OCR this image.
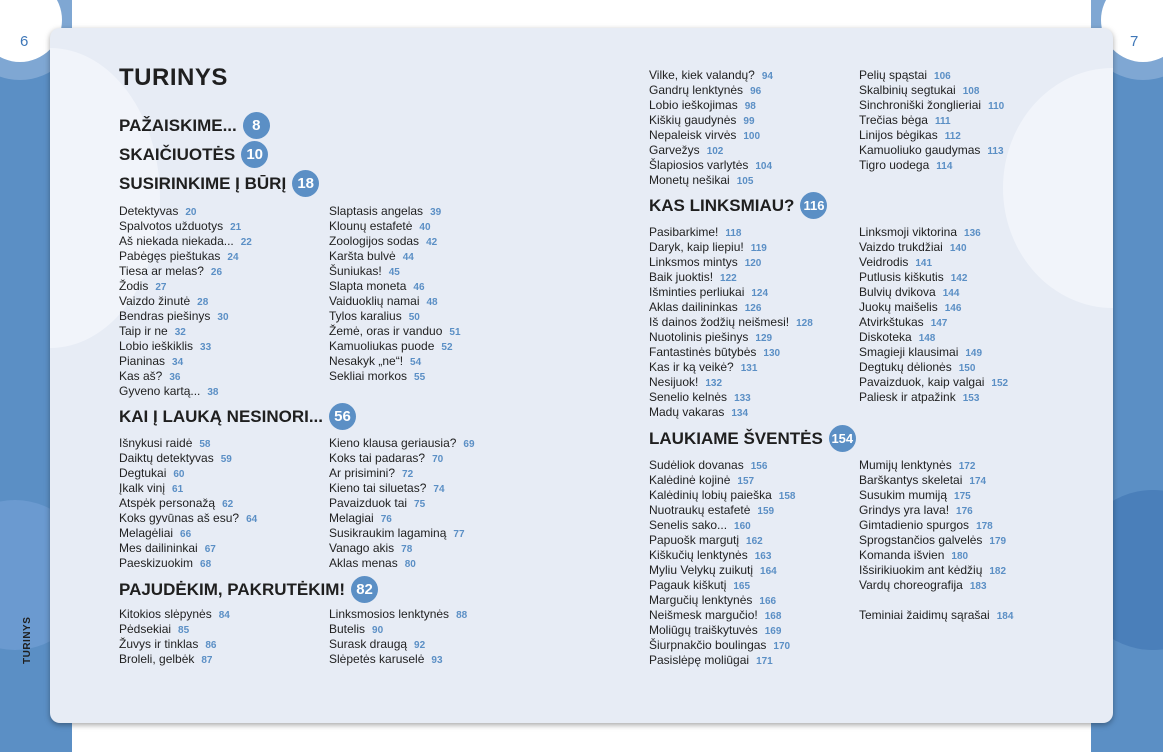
6	7
TURINYS
TURINYS
PAŽAISKIME...	8
SKAIČIUOTĖS 10
SUSIRINKIME Į BŪRĮ 18
Detektyvas 20
Spalvotos užduotys 21
Aš niekada niekada... 22
Pabėgęs pieštukas 24
Tiesa ar melas? 26
Žodis 27
Vaizdo žinutė 28
Bendras piešinys 30
Taip ir ne 32
Lobio ieškiklis 33
Pianinas 34
Kas aš? 36
Gyveno kartą... 38
Slaptasis angelas 39
Klounų estafetė 40
Zoologijos sodas 42
Karšta bulvė 44
Šuniukas! 45
Slapta moneta 46
Vaiduoklių namai 48
Tylos karalius 50
Žemė, oras ir vanduo 51
Kamuoliukas puode 52
Nesakyk „ne“! 54
Sekliai morkos 55
KAI Į LAUKĄ NESINORI... 56
Išnykusi raidė 58
Daiktų detektyvas 59
Degtukai 60
Įkalk vinį 61
Atspėk personažą 62
Koks gyvūnas aš esu? 64
Melagėliai 66
Mes dailininkai 67
Paeskizuokim 68
Kieno klausa geriausia? 69
Koks tai padaras? 70
Ar prisimini? 72
Kieno tai siluetas? 74
Pavaizduok tai 75
Melagiai 76
Susikraukim lagaminą 77
Vanago akis 78
Aklas menas 80
PAJUDĖKIM, PAKRUTĖKIM! 82
Kitokios slėpynės 84
Pėdsekiai 85
Žuvys ir tinklas 86
Broleli, gelbėk 87
Linksmosios lenktynės 88
Butelis 90
Surask draugą 92
Slėpetės karuselė 93
Vilke, kiek valandų? 94
Gandrų lenktynės 96
Lobio ieškojimas 98
Kiškių gaudynės 99
Nepaleisk virvės 100
Garvežys 102
Šlapiosios varlytės 104
Monetų nešikai 105
Pelių spąstai 106
Skalbinių segtukai 108
Sinchroniški žonglieriai 110
Trečias bėga 111
Linijos bėgikas 112
Kamuoliuko gaudymas 113
Tigro uodega 114
KAS LINKSMIAU? 116
Pasibarkime! 118
Daryk, kaip liepiu! 119
Linksmos mintys 120
Baik juoktis! 122
Išminties perliukai 124
Aklas dailininkas 126
Iš dainos žodžių neišmesi! 128
Nuotolinis piešinys 129
Fantastinės būtybės 130
Kas ir ką veikė? 131
Nesijuok! 132
Senelio kelnės 133
Madų vakaras 134
Linksmoji viktorina 136
Vaizdo trukdžiai 140
Veidrodis 141
Putlusis kiškutis 142
Bulvių dvikova 144
Juokų maišelis 146
Atvirkštukas 147
Diskoteka 148
Smagieji klausimai 149
Degtukų dėlionės 150
Pavaizduok, kaip valgai 152
Paliesk ir atpažink 153
LAUKIAME ŠVENTĖS 154
Sudėliok dovanas 156
Kalėdinė kojinė 157
Kalėdinių lobių paieška 158
Nuotraukų estafetė 159
Senelis sako... 160
Papuošk margutį 162
Kiškučių lenktynės 163
Myliu Velykų zuikutį 164
Pagauk kiškutį 165
Margučių lenktynės 166
Neišmesk margučio! 168
Moliūgų traiškytuvės 169
Šiurpnakčio boulingas 170
Pasislėpę moliūgai 171
Mumijų lenktynės 172
Barškantys skeletai 174
Susukim mumiją 175
Grindys yra lava! 176
Gimtadienio spurgos 178
Sprogstančios galvelės 179
Komanda išvien 180
Išsirikiuokim ant kėdžių 182
Vardų choreografija 183
Teminiai žaidimų sąrašai 184
